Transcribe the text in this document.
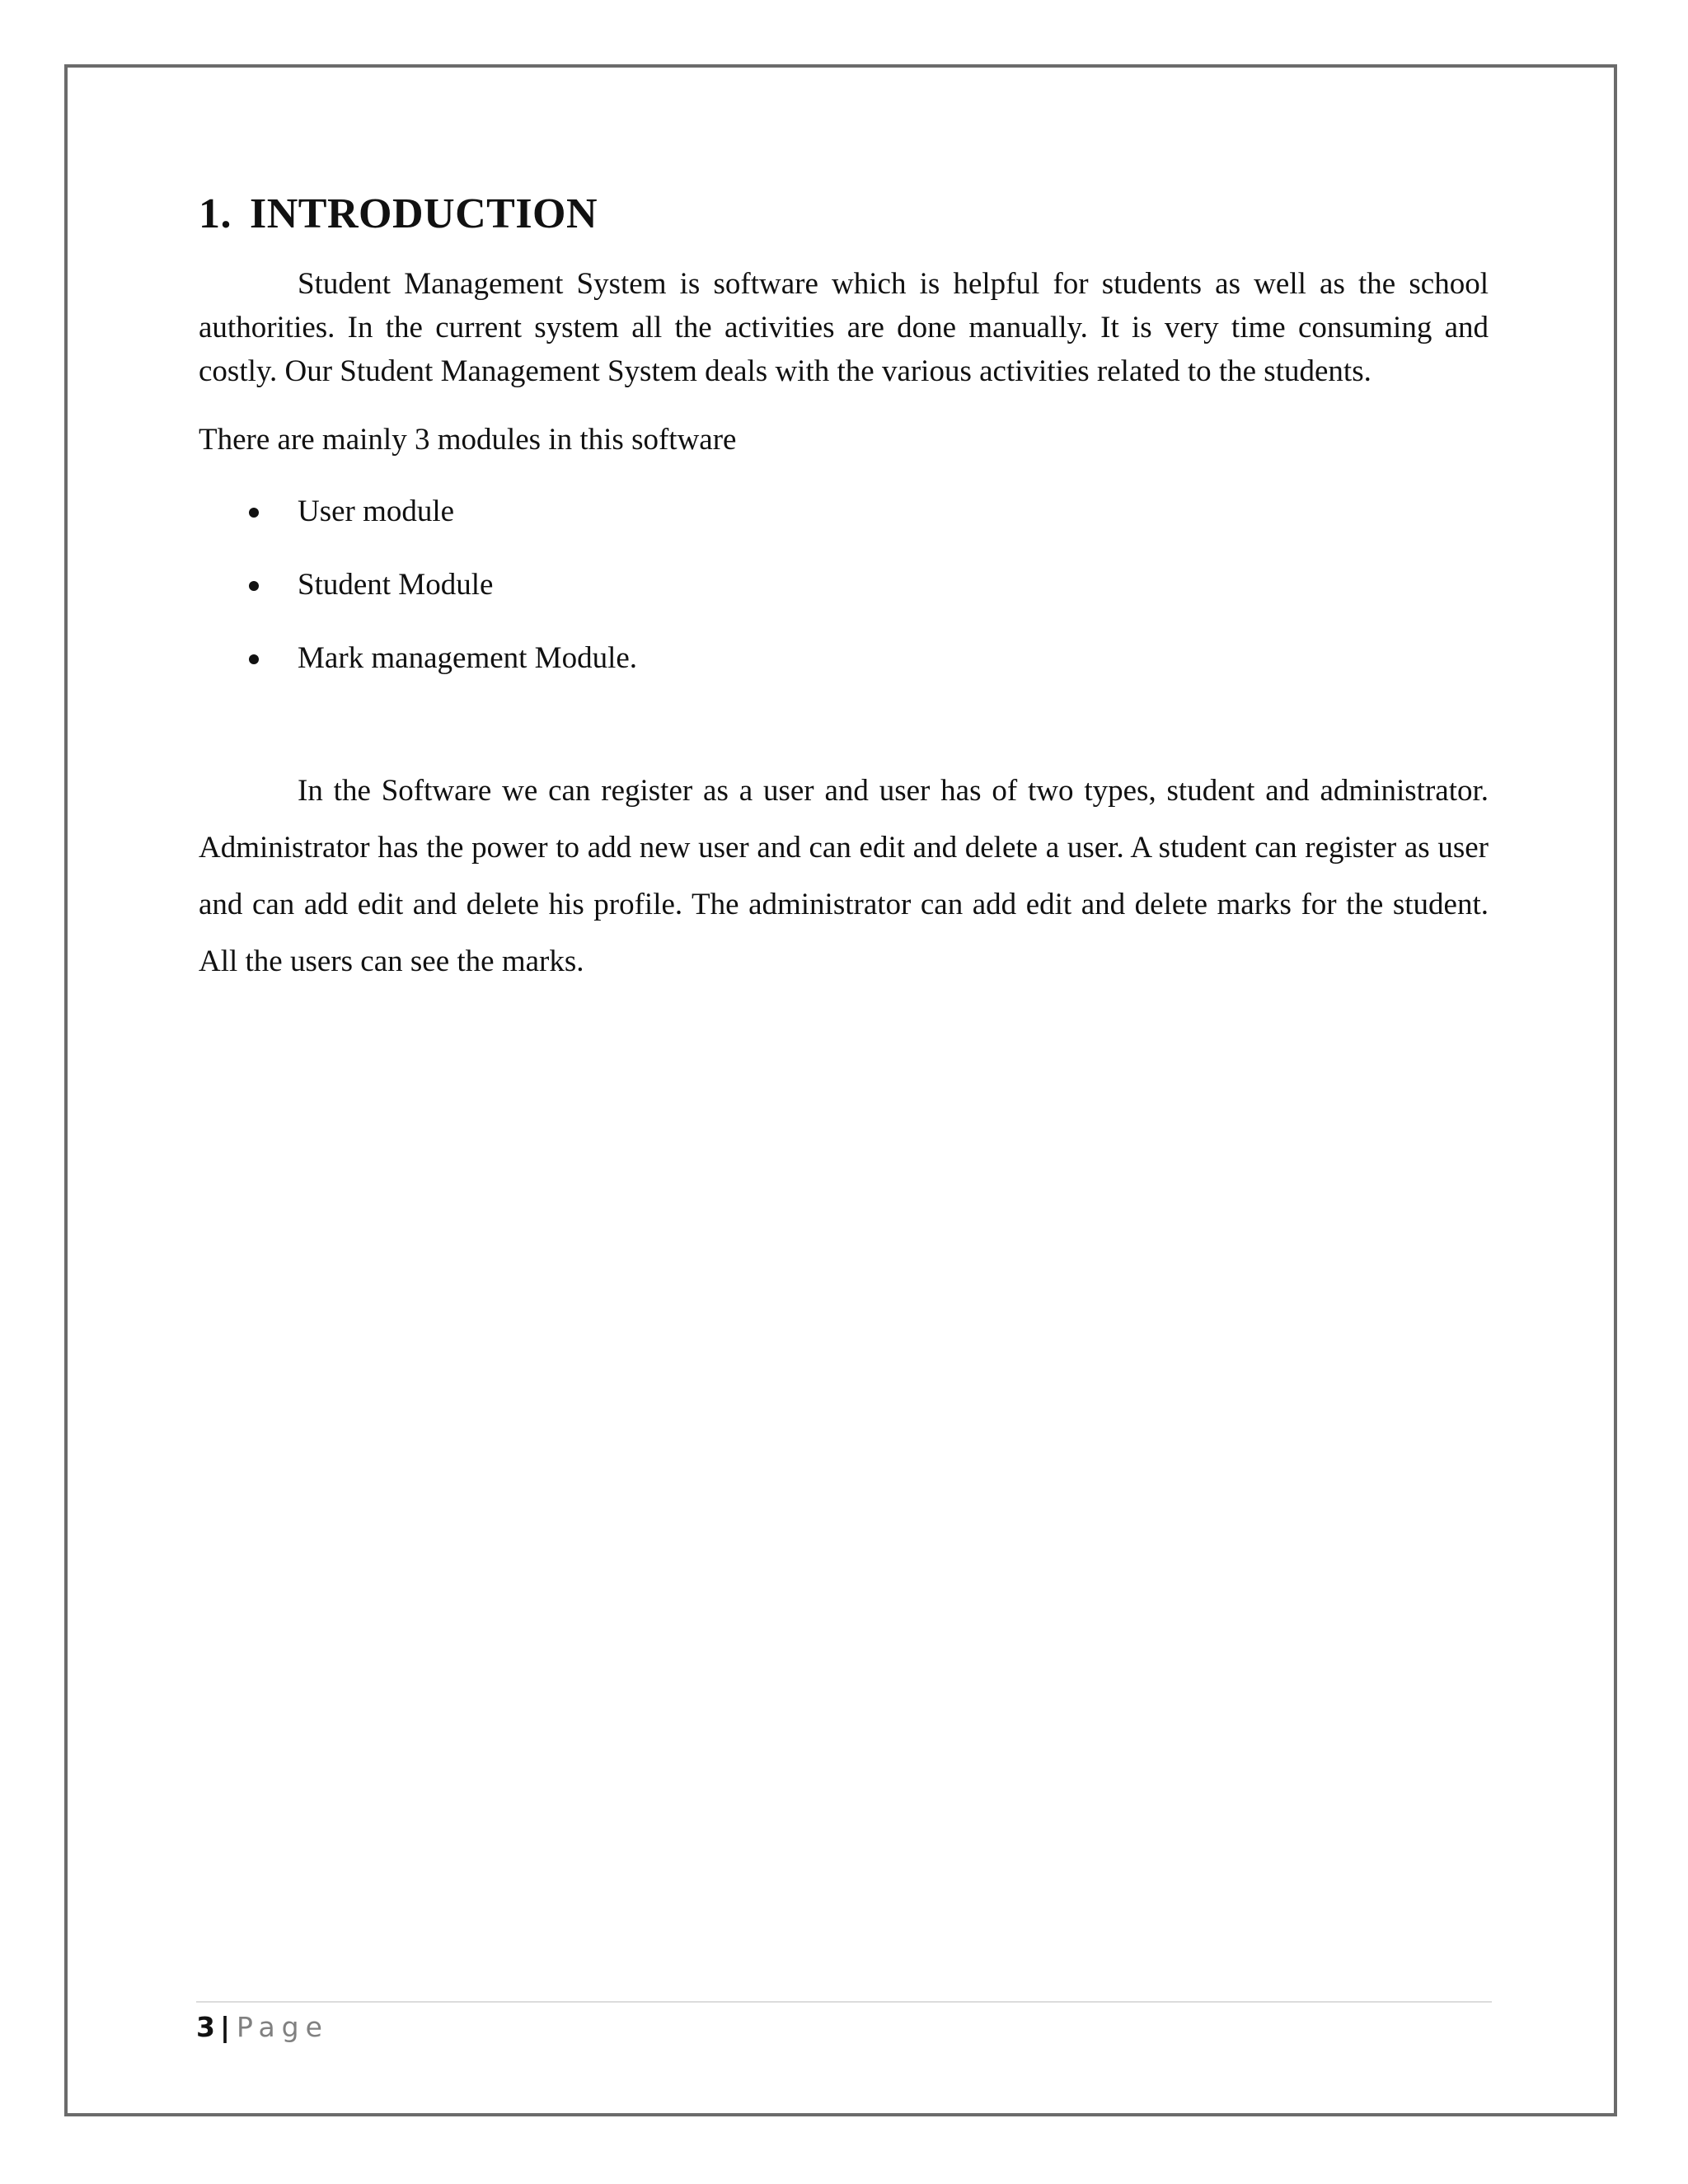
1. INTRODUCTION

Student Management System is software which is helpful for students as well as the school authorities. In the current system all the activities are done manually. It is very time consuming and costly. Our Student Management System deals with the various activities related to the students.

There are mainly 3 modules in this software

User module
Student Module
Mark management Module.

In the Software we can register as a user and user has of two types, student and administrator. Administrator has the power to add new user and can edit and delete a user. A student can register as user and can add edit and delete his profile. The administrator can add edit and delete marks for the student. All the users can see the marks.

3 | Page
